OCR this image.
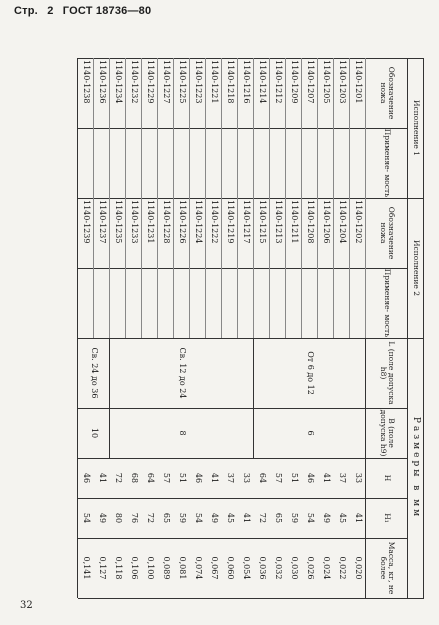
Стр. 2 ГОСТ 18736—80
32
Исполнение 1
Исполнение 2
Размеры в мм
Обозначение ножа
Применяе- мость
Обозначение ножа
Применяе- мость
L (поле допуска h8)
B (поле допуска h9)
H
H₁
Масса, кг, не более
1140-1201
1140-1202
33
41
0,020
1140-1203
1140-1204
37
45
0,022
1140-1205
1140-1206
41
49
0,024
1140-1207
1140-1208
46
54
0,026
1140-1209
1140-1211
51
59
0,030
1140-1212
1140-1213
57
65
0,032
1140-1214
1140-1215
64
72
0,036
1140-1216
1140-1217
33
41
0,054
1140-1218
1140-1219
37
45
0,060
1140-1221
1140-1222
41
49
0,067
1140-1223
1140-1224
46
54
0,074
1140-1225
1140-1226
51
59
0,081
1140-1227
1140-1228
57
65
0,089
1140-1229
1140-1231
64
72
0,100
1140-1232
1140-1233
68
76
0,106
1140-1234
1140-1235
72
80
0,118
1140-1236
1140-1237
41
49
0,127
1140-1238
1140-1239
46
54
0,141
От 6 до 12
Св. 12 до 24
Св. 24 до 36
6
8
10
